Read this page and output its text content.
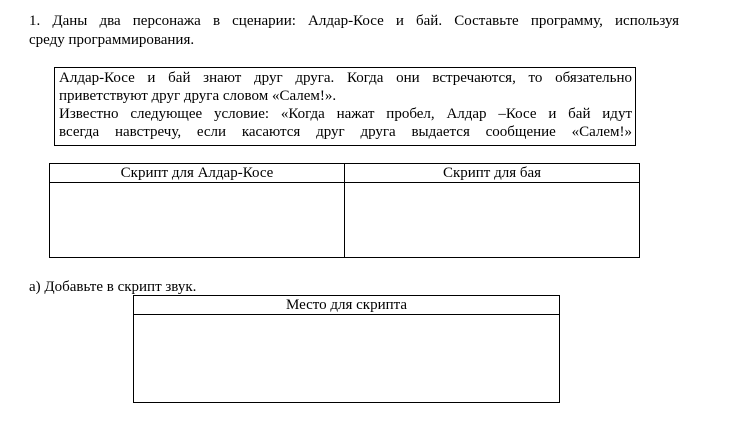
1. Даны два персонажа в сценарии: Алдар-Косе и бай. Составьте программу, используя
среду программирования.

Алдар-Косе и бай знают друг друга. Когда они встречаются, то обязательно
приветствуют друг друга словом «Салем!».

Известно следующее условие: «Когда нажат пробел, Алдар –Косе и бай идут
всегда навстречу, если касаются друг друга выдается сообщение «Салем!»

Скрипт для Алдар-Косе	Скрипт для бая

а) Добавьте в скрипт звук.

Место для скрипта
